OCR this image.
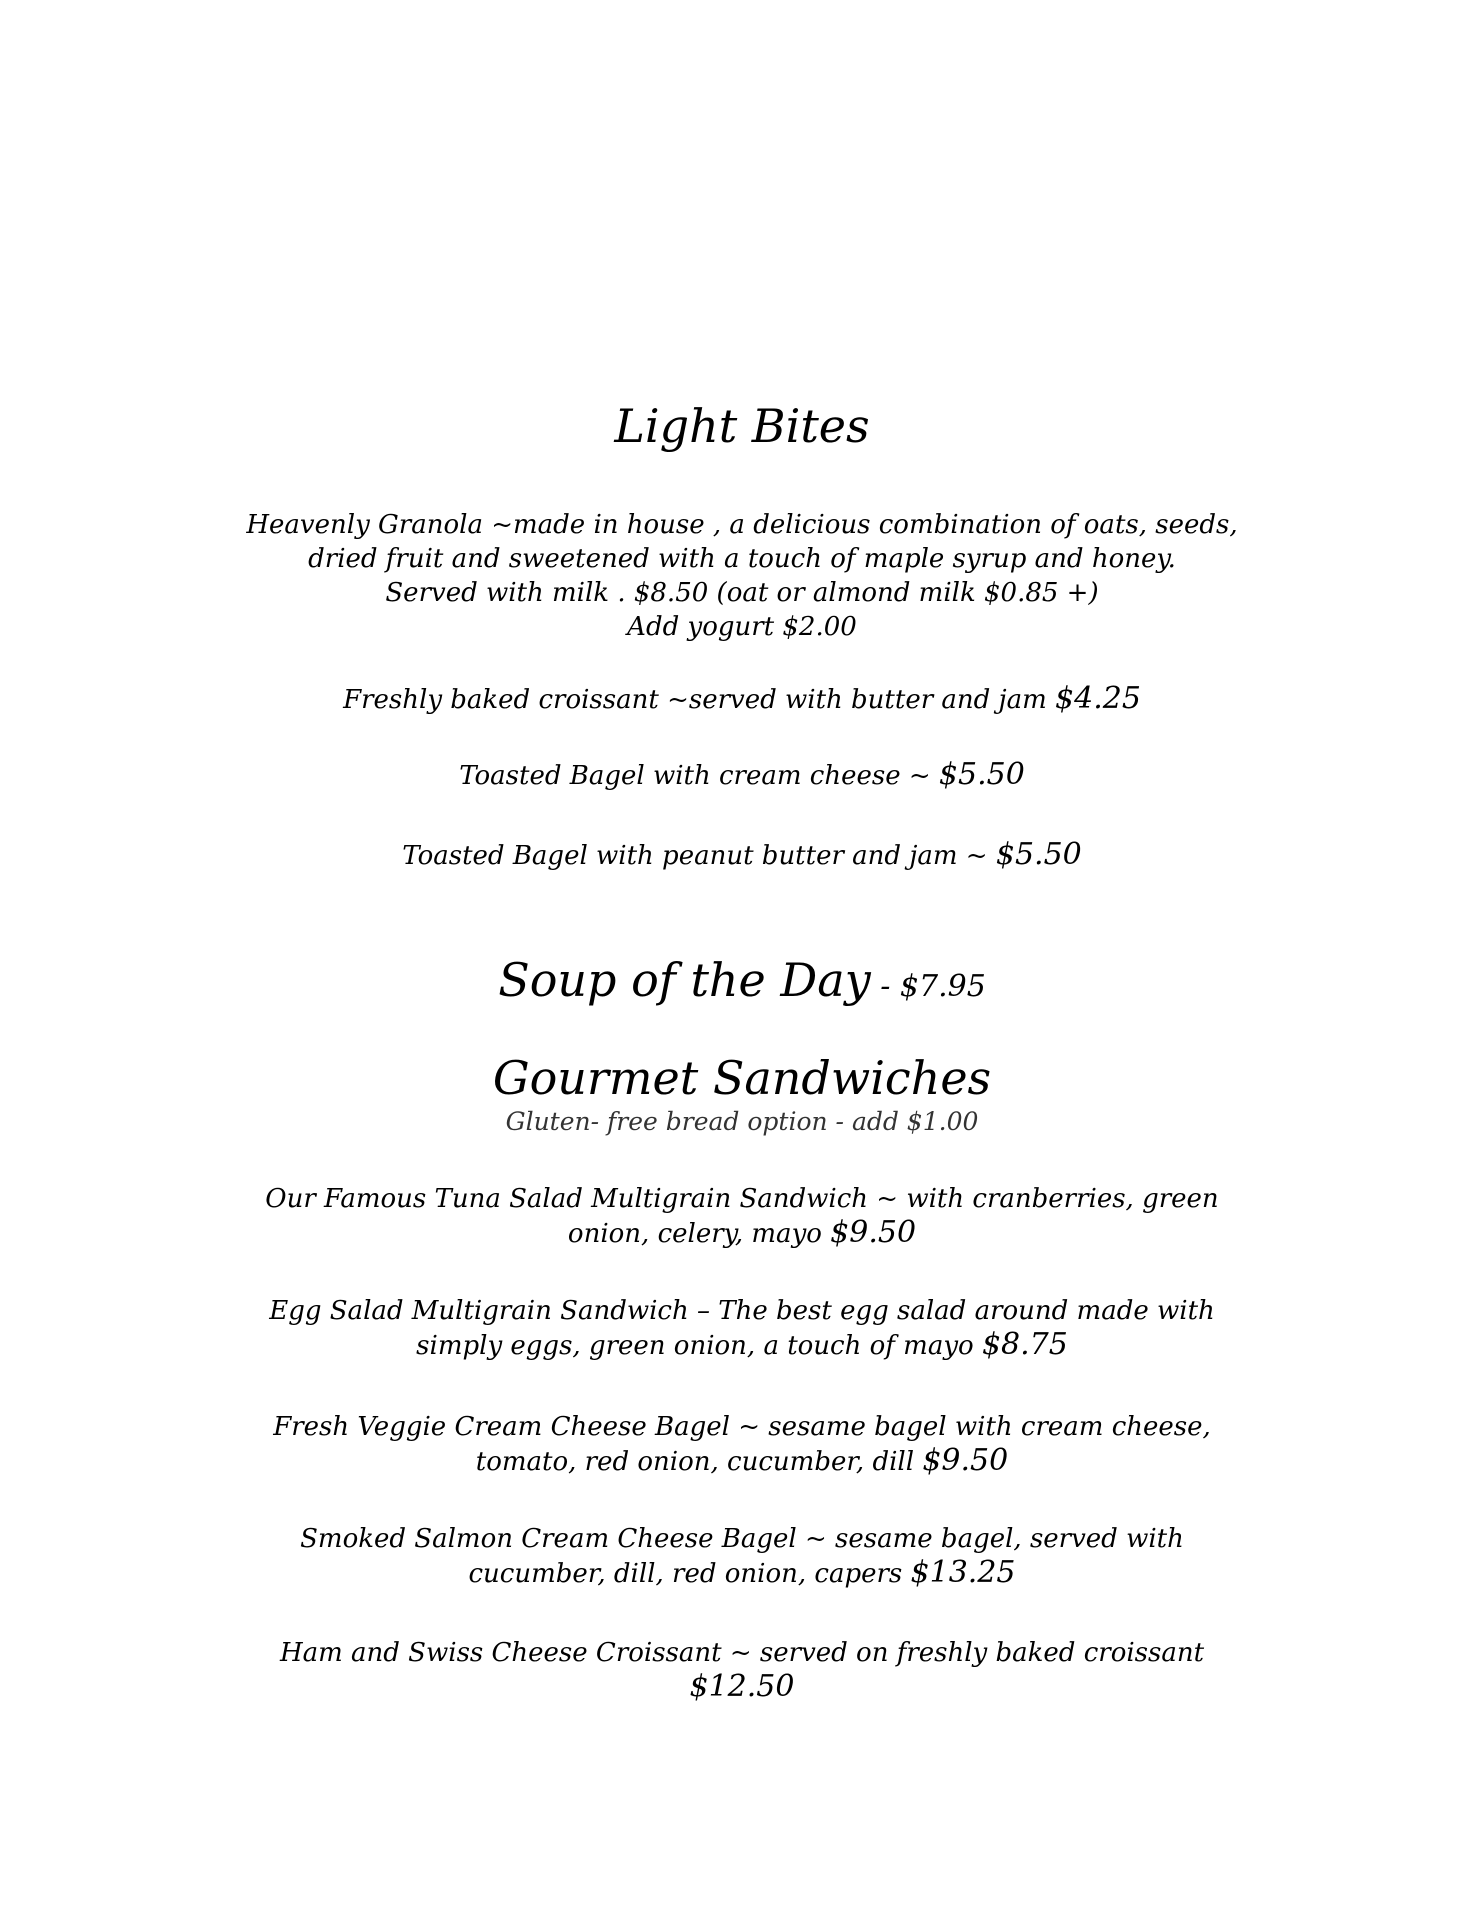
Light Bites
Heavenly Granola ~made in house , a delicious combination of oats, seeds,
dried fruit and sweetened with a touch of maple syrup and honey.
Served with milk . $8.50 (oat or almond milk $0.85 +)
Add yogurt $2.00
Freshly baked croissant ~served with butter and jam $4.25
Toasted Bagel with cream cheese ~ $5.50
Toasted Bagel with peanut butter and jam ~ $5.50
Soup of the Day - $7.95
Gourmet Sandwiches
Gluten- free bread option - add $1.00
Our Famous Tuna Salad Multigrain Sandwich ~ with cranberries, green
onion, celery, mayo $9.50
Egg Salad Multigrain Sandwich – The best egg salad around made with
simply eggs, green onion, a touch of mayo $8.75
Fresh Veggie Cream Cheese Bagel ~ sesame bagel with cream cheese,
tomato, red onion, cucumber, dill $9.50
Smoked Salmon Cream Cheese Bagel ~ sesame bagel, served with
cucumber, dill, red onion, capers $13.25
Ham and Swiss Cheese Croissant ~ served on freshly baked croissant
$12.50
